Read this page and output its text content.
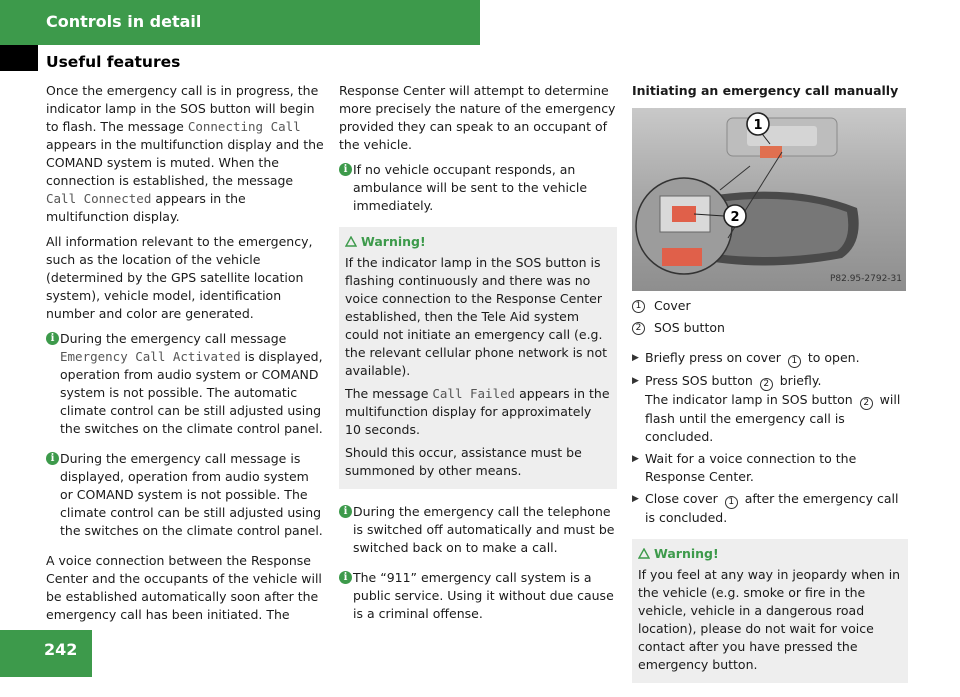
Controls in detail
Useful features

Once the emergency call is in progress, the indicator lamp in the SOS button will begin to flash. The message Connecting Call appears in the multifunction display and the COMAND system is muted. When the connection is established, the message Call Connected appears in the multifunction display.

All information relevant to the emergency, such as the location of the vehicle (determined by the GPS satellite location system), vehicle model, identification number and color are generated.

i During the emergency call message Emergency Call Activated is displayed, operation from audio system or COMAND system is not possible. The automatic climate control can be still adjusted using the switches on the climate control panel.
i During the emergency call message is displayed, operation from audio system or COMAND system is not possible. The climate control can be still adjusted using the switches on the climate control panel.

A voice connection between the Response Center and the occupants of the vehicle will be established automatically soon after the emergency call has been initiated. The

Response Center will attempt to determine more precisely the nature of the emergency provided they can speak to an occupant of the vehicle.

i If no vehicle occupant responds, an ambulance will be sent to the vehicle immediately.
Warning!

If the indicator lamp in the SOS button is flashing continuously and there was no voice connection to the Response Center established, then the Tele Aid system could not initiate an emergency call (e.g. the relevant cellular phone network is not available).

The message Call Failed appears in the multifunction display for approximately 10 seconds.

Should this occur, assistance must be summoned by other means.

i During the emergency call the telephone is switched off automatically and must be switched back on to make a call.
i The “911” emergency call system is a public service. Using it without due cause is a criminal offense.
Initiating an emergency call manually
1
2
P82.95-2792-31
1 Cover
2 SOS button
▶ Briefly press on cover 1 to open.
▶ Press SOS button 2 briefly.
The indicator lamp in SOS button 2 will flash until the emergency call is concluded.
▶ Wait for a voice connection to the Response Center.
▶ Close cover 1 after the emergency call is concluded.
Warning!

If you feel at any way in jeopardy when in the vehicle (e.g. smoke or fire in the vehicle, vehicle in a dangerous road location), please do not wait for voice contact after you have pressed the emergency button.

242
